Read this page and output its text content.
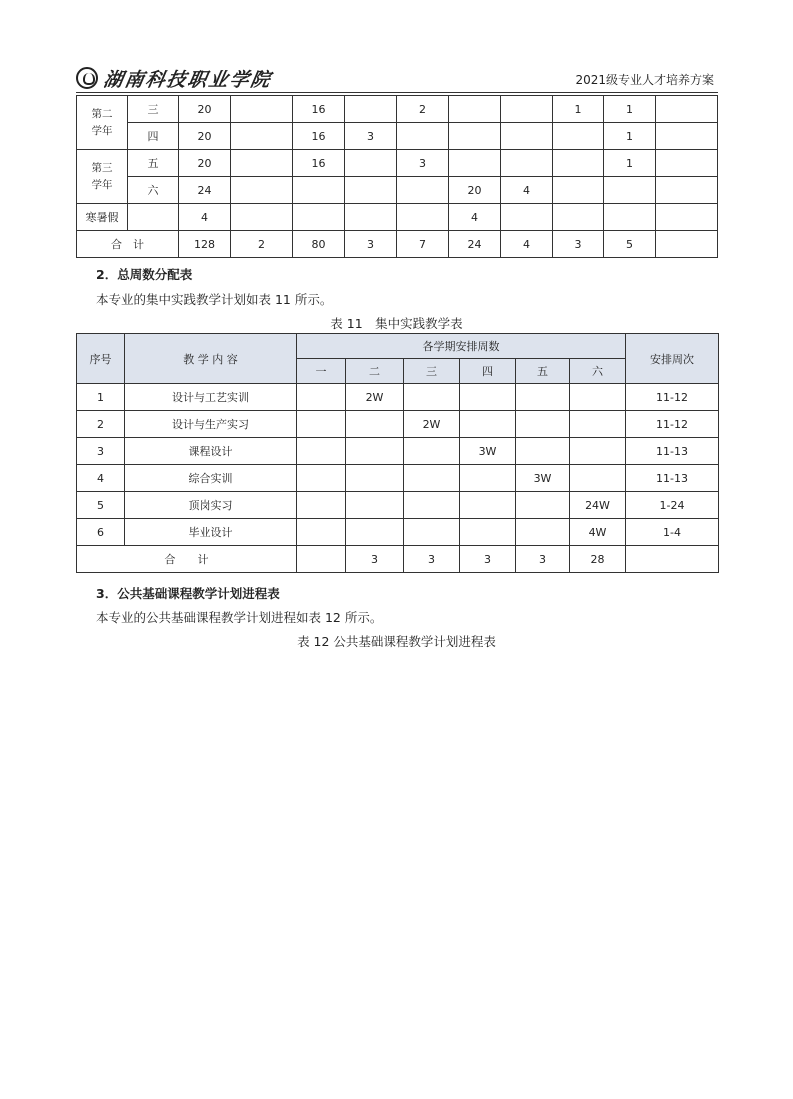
湖南科技职业学院	2021级专业人才培养方案
第二
学年	三	20		16		2			1	1	
	四	20		16	3					1	
第三
学年	五	20		16		3				1	
	六	24					20	4			
寒暑假		4					4				
合　计		128	2	80	3	7	24	4	3	5	
2．总周数分配表
本专业的集中实践教学计划如表 11 所示。
表 11　集中实践教学表
序号	教 学 内 容	各学期安排周数						安排周次
		一	二	三	四	五	六	
1	设计与工艺实训		2W					11-12
2	设计与生产实习			2W				11-12
3	课程设计				3W			11-13
4	综合实训					3W		11-13
5	顶岗实习						24W	1-24
6	毕业设计						4W	1-4
合　　计			3	3	3	3	28	
3．公共基础课程教学计划进程表
本专业的公共基础课程教学计划进程如表 12 所示。
表 12 公共基础课程教学计划进程表
